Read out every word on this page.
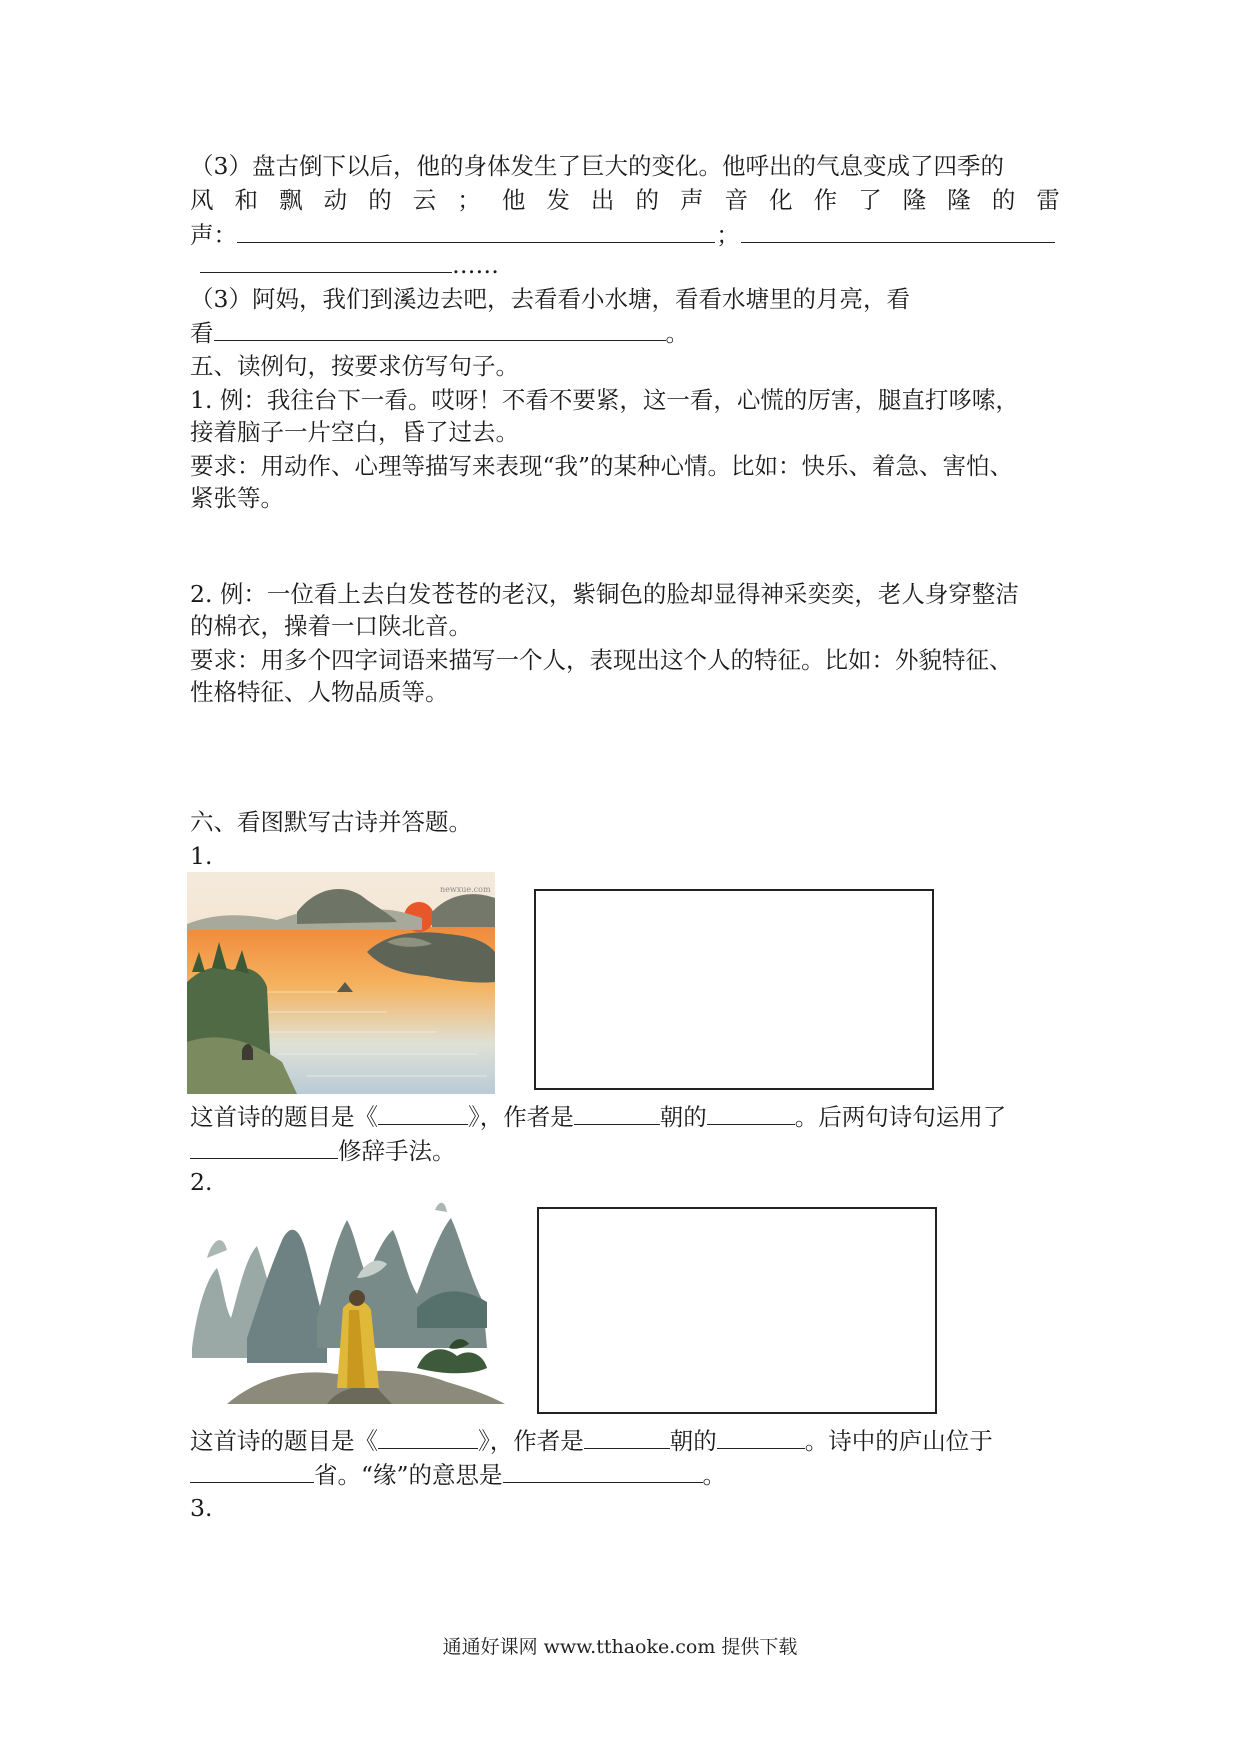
（3）盘古倒下以后，他的身体发生了巨大的变化。他呼出的气息变成了四季的
风 和 飘 动 的 云 ； 他 发 出 的 声 音 化 作 了 隆 隆 的 雷
声：	；
……
（3）阿妈，我们到溪边去吧，去看看小水塘，看看水塘里的月亮，看
看	。
五、读例句，按要求仿写句子。
1. 例：我往台下一看。哎呀！不看不要紧，这一看，心慌的厉害，腿直打哆嗦，
接着脑子一片空白，昏了过去。
要求：用动作、心理等描写来表现“我”的某种心情。比如：快乐、着急、害怕、
紧张等。
2. 例：一位看上去白发苍苍的老汉，紫铜色的脸却显得神采奕奕，老人身穿整洁
的棉衣，操着一口陕北音。
要求：用多个四字词语来描写一个人，表现出这个人的特征。比如：外貌特征、
性格特征、人物品质等。
六、看图默写古诗并答题。
1.
newxue.com
这首诗的题目是《	》，作者是	朝的	。后两句诗句运用了
修辞手法。
2.
这首诗的题目是《	》，作者是	朝的	。诗中的庐山位于
省。“缘”的意思是	。
3.
通通好课网 www.tthaoke.com 提供下载
